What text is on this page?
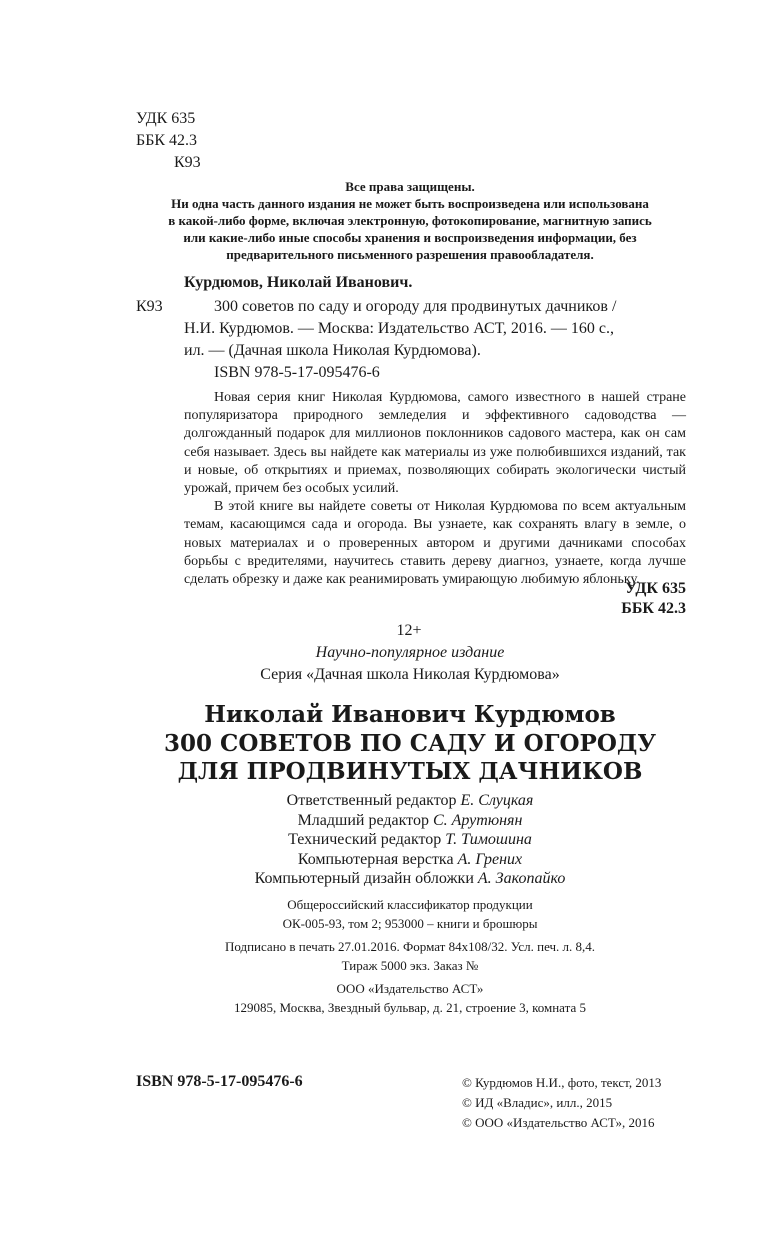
УДК 635
ББК 42.3
К93
Все права защищены.
Ни одна часть данного издания не может быть воспроизведена или использована
в какой-либо форме, включая электронную, фотокопирование, магнитную запись
или какие-либо иные способы хранения и воспроизведения информации, без
предварительного письменного разрешения правообладателя.
Курдюмов, Николай Иванович.
К93	300 советов по саду и огороду для продвинутых дачников /
Н.И. Курдюмов. — Москва: Издательство АСТ, 2016. — 160 с.,
ил. — (Дачная школа Николая Курдюмова).
ISBN 978-5-17-095476-6

Новая серия книг Николая Курдюмова, самого известного в нашей стране популяризатора природного земледелия и эффективного садоводства — долгожданный подарок для миллионов поклонников садового мастера, как он сам себя называет. Здесь вы найдете как материалы из уже полюбившихся изданий, так и новые, об открытиях и приемах, позволяющих собирать экологически чистый урожай, причем без особых усилий.

В этой книге вы найдете советы от Николая Курдюмова по всем актуальным темам, касающимся сада и огорода. Вы узнаете, как сохранять влагу в земле, о новых материалах и о проверенных автором и другими дачниками способах борьбы с вредителями, научитесь ставить дереву диагноз, узнаете, когда лучше сделать обрезку и даже как реанимировать умирающую любимую яблоньку.

УДК 635
ББК 42.3
12+
Научно-популярное издание
Серия «Дачная школа Николая Курдюмова»
Николай Иванович Курдюмов
300 СОВЕТОВ ПО САДУ И ОГОРОДУ
ДЛЯ ПРОДВИНУТЫХ ДАЧНИКОВ
Ответственный редактор Е. Слуцкая
Младший редактор С. Арутюнян
Технический редактор Т. Тимошина
Компьютерная верстка А. Грених
Компьютерный дизайн обложки А. Закопайко
Общероссийский классификатор продукции
ОК-005-93, том 2; 953000 – книги и брошюры
Подписано в печать 27.01.2016. Формат 84x108/32. Усл. печ. л. 8,4.
Тираж 5000 экз. Заказ №
ООО «Издательство АСТ»
129085, Москва, Звездный бульвар, д. 21, строение 3, комната 5
ISBN 978-5-17-095476-6	© Курдюмов Н.И., фото, текст, 2013
© ИД «Владис», илл., 2015
© ООО «Издательство АСТ», 2016
